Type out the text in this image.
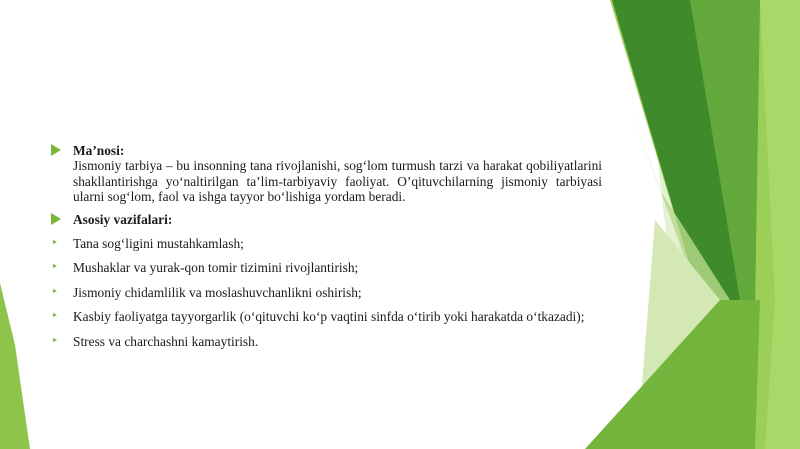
Ma’nosi:
Jismoniy tarbiya – bu insonning tana rivojlanishi, sog‘lom turmush tarzi va harakat qobiliyatlarini shakllantirishga yo‘naltirilgan ta’lim-tarbiyaviy faoliyat. O’qituvchilarning jismoniy tarbiyasi ularni sog‘lom, faol va ishga tayyor bo‘lishiga yordam beradi.
Asosiy vazifalari:
Tana sog‘ligini mustahkamlash;
Mushaklar va yurak-qon tomir tizimini rivojlantirish;
Jismoniy chidamlilik va moslashuvchanlikni oshirish;
Kasbiy faoliyatga tayyorgarlik (o‘qituvchi ko‘p vaqtini sinfda o‘tirib yoki harakatda o‘tkazadi);
Stress va charchashni kamaytirish.
